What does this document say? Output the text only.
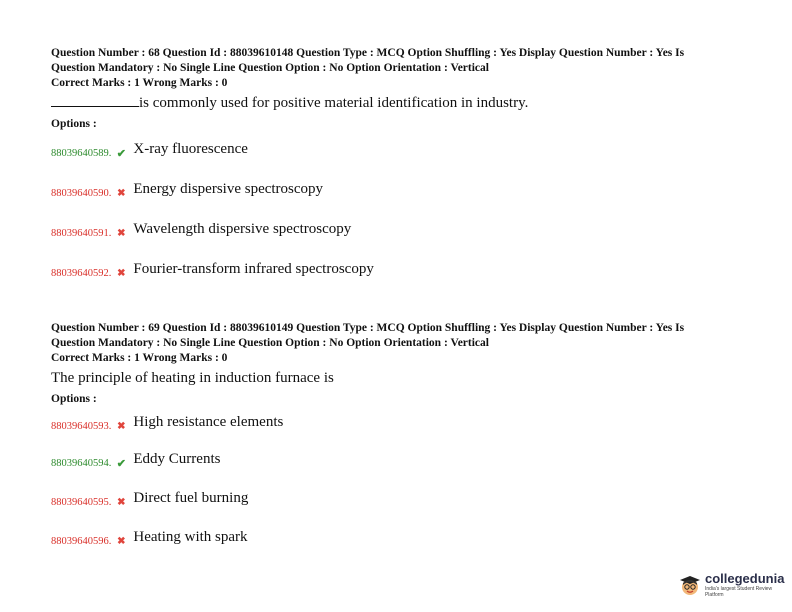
Question Number : 68 Question Id : 88039610148 Question Type : MCQ Option Shuffling : Yes Display Question Number : Yes Is
Question Mandatory : No Single Line Question Option : No Option Orientation : Vertical
Correct Marks : 1 Wrong Marks : 0
is commonly used for positive material identification in industry.
Options :
88039640589. ✔ X-ray fluorescence
88039640590. ✖ Energy dispersive spectroscopy
88039640591. ✖ Wavelength dispersive spectroscopy
88039640592. ✖ Fourier-transform infrared spectroscopy
Question Number : 69 Question Id : 88039610149 Question Type : MCQ Option Shuffling : Yes Display Question Number : Yes Is
Question Mandatory : No Single Line Question Option : No Option Orientation : Vertical
Correct Marks : 1 Wrong Marks : 0
The principle of heating in induction furnace is
Options :
88039640593. ✖ High resistance elements
88039640594. ✔ Eddy Currents
88039640595. ✖ Direct fuel burning
88039640596. ✖ Heating with spark
collegedunia
India's largest Student Review Platform
